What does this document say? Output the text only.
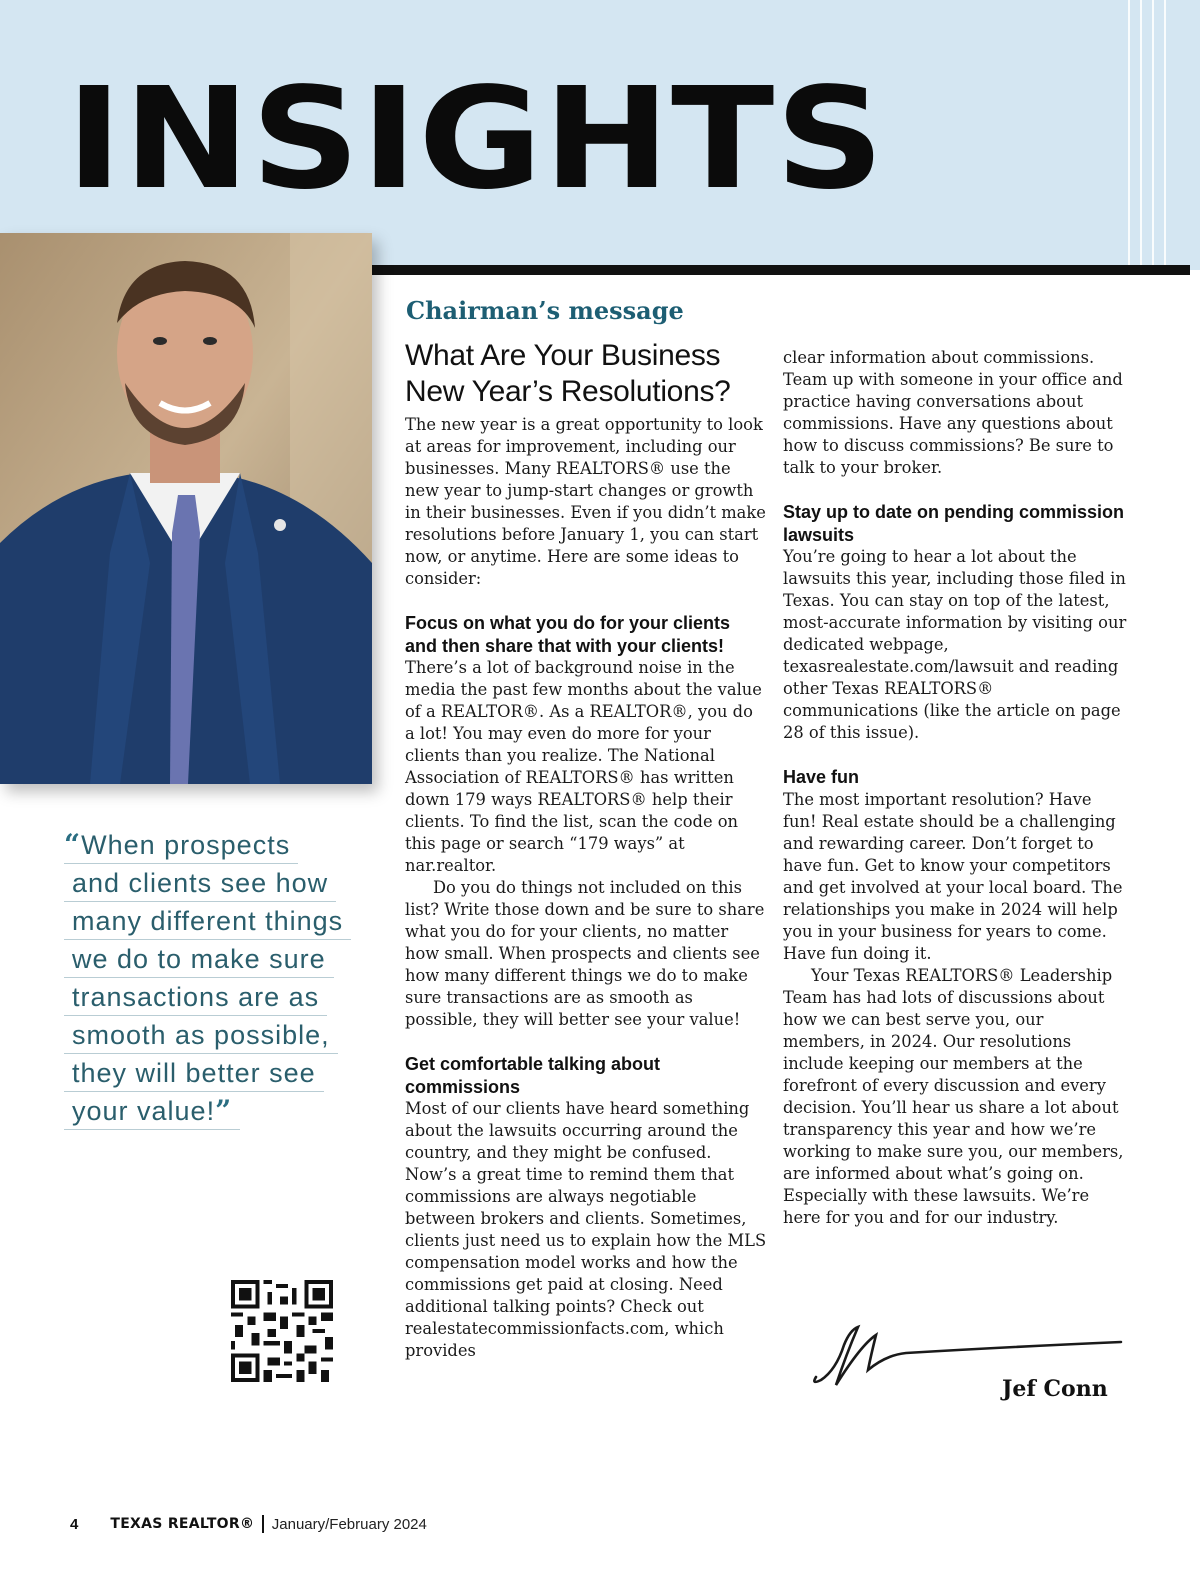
INSIGHTS
Chairman’s message
What Are Your Business New Year’s Resolutions?

The new year is a great opportunity to look at areas for improvement, including our businesses. Many REALTORS® use the new year to jump-start changes or growth in their businesses. Even if you didn’t make resolutions before January 1, you can start now, or anytime. Here are some ideas to consider:

Focus on what you do for your clients and then share that with your clients!

There’s a lot of background noise in the media the past few months about the value of a REALTOR®. As a REALTOR®, you do a lot! You may even do more for your clients than you realize. The National Association of REALTORS® has written down 179 ways REALTORS® help their clients. To find the list, scan the code on this page or search “179 ways” at nar.realtor.

Do you do things not included on this list? Write those down and be sure to share what you do for your clients, no matter how small. When prospects and clients see how many different things we do to make sure transactions are as smooth as possible, they will better see your value!

Get comfortable talking about commissions

Most of our clients have heard something about the lawsuits occurring around the country, and they might be confused. Now’s a great time to remind them that commissions are always negotiable between brokers and clients. Sometimes, clients just need us to explain how the MLS compensation model works and how the commissions get paid at closing. Need additional talking points? Check out realestatecommissionfacts.com, which provides

clear information about commissions. Team up with someone in your office and practice having conversations about commissions. Have any questions about how to discuss commissions? Be sure to talk to your broker.

Stay up to date on pending commission lawsuits

You’re going to hear a lot about the lawsuits this year, including those filed in Texas. You can stay on top of the latest, most-accurate information by visiting our dedicated webpage, texasrealestate.com/lawsuit and reading other Texas REALTORS® communications (like the article on page 28 of this issue).

Have fun

The most important resolution? Have fun! Real estate should be a challenging and rewarding career. Don’t forget to have fun. Get to know your competitors and get involved at your local board. The relationships you make in 2024 will help you in your business for years to come. Have fun doing it.

Your Texas REALTORS® Leadership Team has had lots of discussions about how we can best serve you, our members, in 2024. Our resolutions include keeping our members at the forefront of every discussion and every decision. You’ll hear us share a lot about transparency this year and how we’re working to make sure you, our members, are informed about what’s going on. Especially with these lawsuits. We’re here for you and for our industry.

“When prospects
and clients see how
many different things
we do to make sure
transactions are as
smooth as possible,
they will better see
your value!”
Jef Conn
4 TEXAS REALTOR® January/February 2024
